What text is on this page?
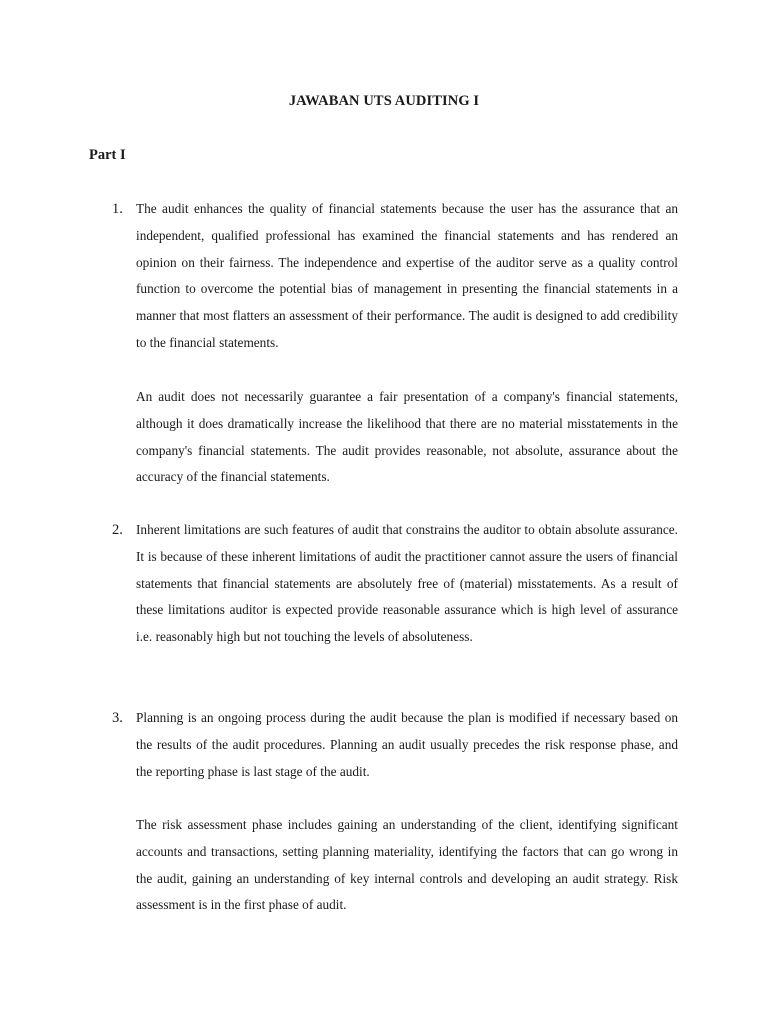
JAWABAN UTS AUDITING I
Part I
1. The audit enhances the quality of financial statements because the user has the assurance that an independent, qualified professional has examined the financial statements and has rendered an opinion on their fairness. The independence and expertise of the auditor serve as a quality control function to overcome the potential bias of management in presenting the financial statements in a manner that most flatters an assessment of their performance. The audit is designed to add credibility to the financial statements.

An audit does not necessarily guarantee a fair presentation of a company's financial statements, although it does dramatically increase the likelihood that there are no material misstatements in the company's financial statements. The audit provides reasonable, not absolute, assurance about the accuracy of the financial statements.

2. Inherent limitations are such features of audit that constrains the auditor to obtain absolute assurance. It is because of these inherent limitations of audit the practitioner cannot assure the users of financial statements that financial statements are absolutely free of (material) misstatements. As a result of these limitations auditor is expected provide reasonable assurance which is high level of assurance i.e. reasonably high but not touching the levels of absoluteness.

3. Planning is an ongoing process during the audit because the plan is modified if necessary based on the results of the audit procedures. Planning an audit usually precedes the risk response phase, and the reporting phase is last stage of the audit.

The risk assessment phase includes gaining an understanding of the client, identifying significant accounts and transactions, setting planning materiality, identifying the factors that can go wrong in the audit, gaining an understanding of key internal controls and developing an audit strategy. Risk assessment is in the first phase of audit.
